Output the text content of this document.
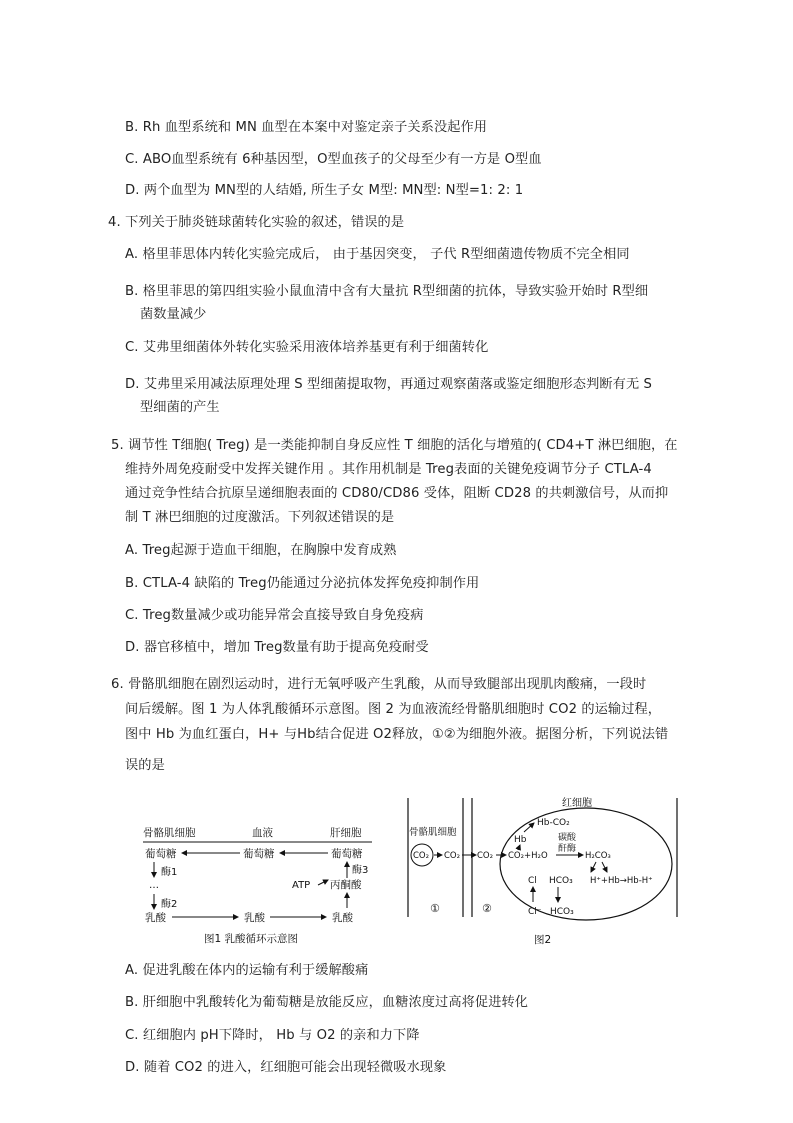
B. Rh 血型系统和 MN 血型在本案中对鉴定亲子关系没起作用
C. ABO血型系统有 6种基因型，O型血孩子的父母至少有一方是 O型血
D. 两个血型为 MN型的人结婚, 所生子女 M型: MN型: N型=1: 2: 1
4. 下列关于肺炎链球菌转化实验的叙述，错误的是
A. 格里菲思体内转化实验完成后， 由于基因突变， 子代 R型细菌遗传物质不完全相同
B. 格里菲思的第四组实验小鼠血清中含有大量抗 R型细菌的抗体，导致实验开始时 R型细
菌数量减少
C. 艾弗里细菌体外转化实验采用液体培养基更有利于细菌转化
D. 艾弗里采用减法原理处理 S 型细菌提取物，再通过观察菌落或鉴定细胞形态判断有无 S
型细菌的产生
5. 调节性 T细胞( Treg) 是一类能抑制自身反应性 T 细胞的活化与增殖的( CD4+T 淋巴细胞，在
维持外周免疫耐受中发挥关键作用 。其作用机制是 Treg表面的关键免疫调节分子 CTLA-4
通过竞争性结合抗原呈递细胞表面的 CD80/CD86 受体，阻断 CD28 的共刺激信号，从而抑
制 T 淋巴细胞的过度激活。下列叙述错误的是
A. Treg起源于造血干细胞，在胸腺中发育成熟
B. CTLA-4 缺陷的 Treg仍能通过分泌抗体发挥免疫抑制作用
C. Treg数量减少或功能异常会直接导致自身免疫病
D. 器官移植中，增加 Treg数量有助于提高免疫耐受
6. 骨骼肌细胞在剧烈运动时，进行无氧呼吸产生乳酸，从而导致腿部出现肌肉酸痛，一段时
间后缓解。图 1 为人体乳酸循环示意图。图 2 为血液流经骨骼肌细胞时 CO2 的运输过程，
图中 Hb 为血红蛋白，H+ 与Hb结合促进 O2释放，①②为细胞外液。据图分析，下列说法错
误的是
骨骼肌细胞	血液	肝细胞
葡萄糖	葡萄糖	葡萄糖
酶1
…
酶2
酶3
ATP 丙酮酸
乳酸	乳酸	乳酸
图1 乳酸循环示意图
骨骼肌细胞
CO₂ CO₂ CO₂
红细胞
Hb-CO₂
Hb	碳酸
酐酶
CO₂+H₂O	H₂CO₃
Cl HCO₃ H⁺+Hb→Hb-H⁺
Cl⁻ HCO₃
①	②
图2
A. 促进乳酸在体内的运输有利于缓解酸痛
B. 肝细胞中乳酸转化为葡萄糖是放能反应，血糖浓度过高将促进转化
C. 红细胞内 pH下降时， Hb 与 O2 的亲和力下降
D. 随着 CO2 的进入，红细胞可能会出现轻微吸水现象
